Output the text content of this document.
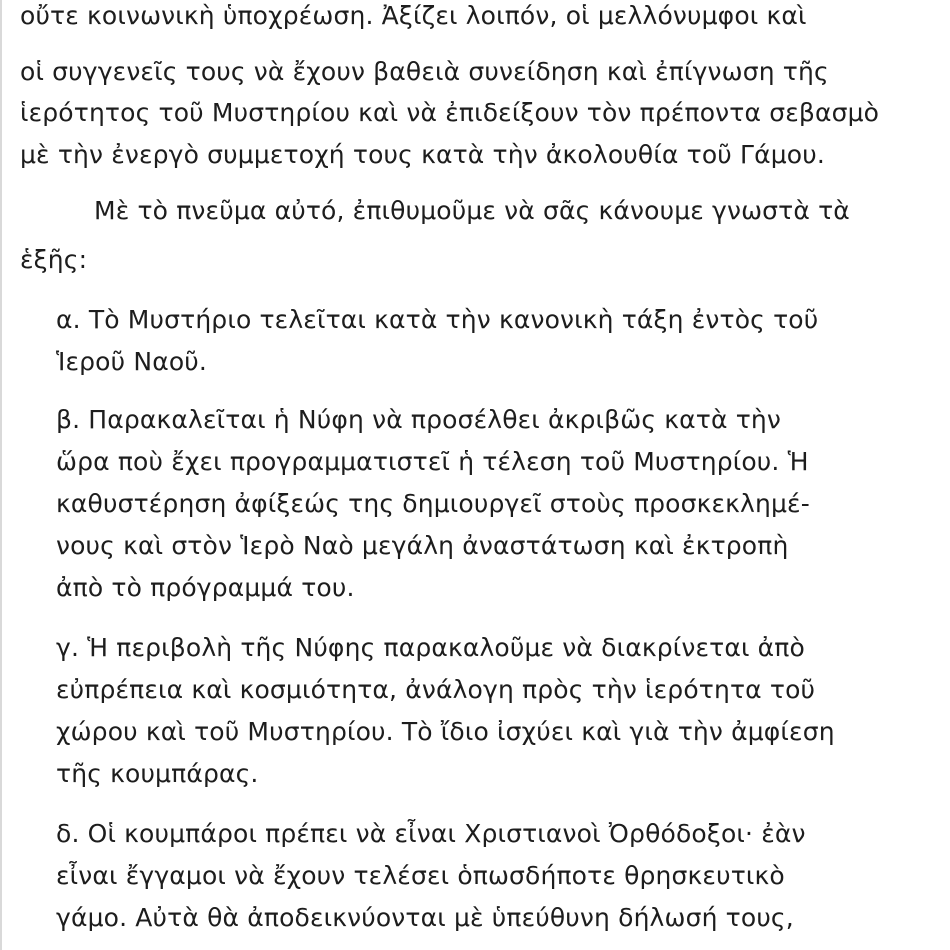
οὔτε κοινωνικὴ ὑποχρέωση. Ἀξίζει λοιπόν, οἱ μελλόνυμφοι καὶ
οἱ συγγενεῖς τους νὰ ἔχουν βαθειὰ συνείδηση καὶ ἐπίγνωση τῆς
ἱερότητος τοῦ Μυστηρίου καὶ νὰ ἐπιδείξουν τὸν πρέποντα σεβασμὸ
μὲ τὴν ἐνεργὸ συμμετοχή τους κατὰ τὴν ἀκολουθία τοῦ Γάμου.
Μὲ τὸ πνεῦμα αὐτό, ἐπιθυμοῦμε νὰ σᾶς κάνουμε γνωστὰ τὰ
ἑξῆς:
α. Τὸ Μυστήριο τελεῖται κατὰ τὴν κανονικὴ τάξη ἐντὸς τοῦ
Ἱεροῦ Ναοῦ.
β. Παρακαλεῖται ἡ Νύφη νὰ προσέλθει ἀκριβῶς κατὰ τὴν
ὥρα ποὺ ἔχει προγραμματιστεῖ ἡ τέλεση τοῦ Μυστηρίου. Ἡ
καθυστέρηση ἀφίξεώς της δημιουργεῖ στοὺς προσκεκλημέ-
νους καὶ στὸν Ἱερὸ Ναὸ μεγάλη ἀναστάτωση καὶ ἐκτροπὴ
ἀπὸ τὸ πρόγραμμά του.
γ. Ἡ περιβολὴ τῆς Νύφης παρακαλοῦμε νὰ διακρίνεται ἀπὸ
εὐπρέπεια καὶ κοσμιότητα, ἀνάλογη πρὸς τὴν ἱερότητα τοῦ
χώρου καὶ τοῦ Μυστηρίου. Τὸ ἴδιο ἰσχύει καὶ γιὰ τὴν ἀμφίεση
τῆς κουμπάρας.
δ. Οἱ κουμπάροι πρέπει νὰ εἶναι Χριστιανοὶ Ὀρθόδοξοι· ἐὰν
εἶναι ἔγγαμοι νὰ ἔχουν τελέσει ὁπωσδήποτε θρησκευτικὸ
γάμο. Αὐτὰ θὰ ἀποδεικνύονται μὲ ὑπεύθυνη δήλωσή τους,
